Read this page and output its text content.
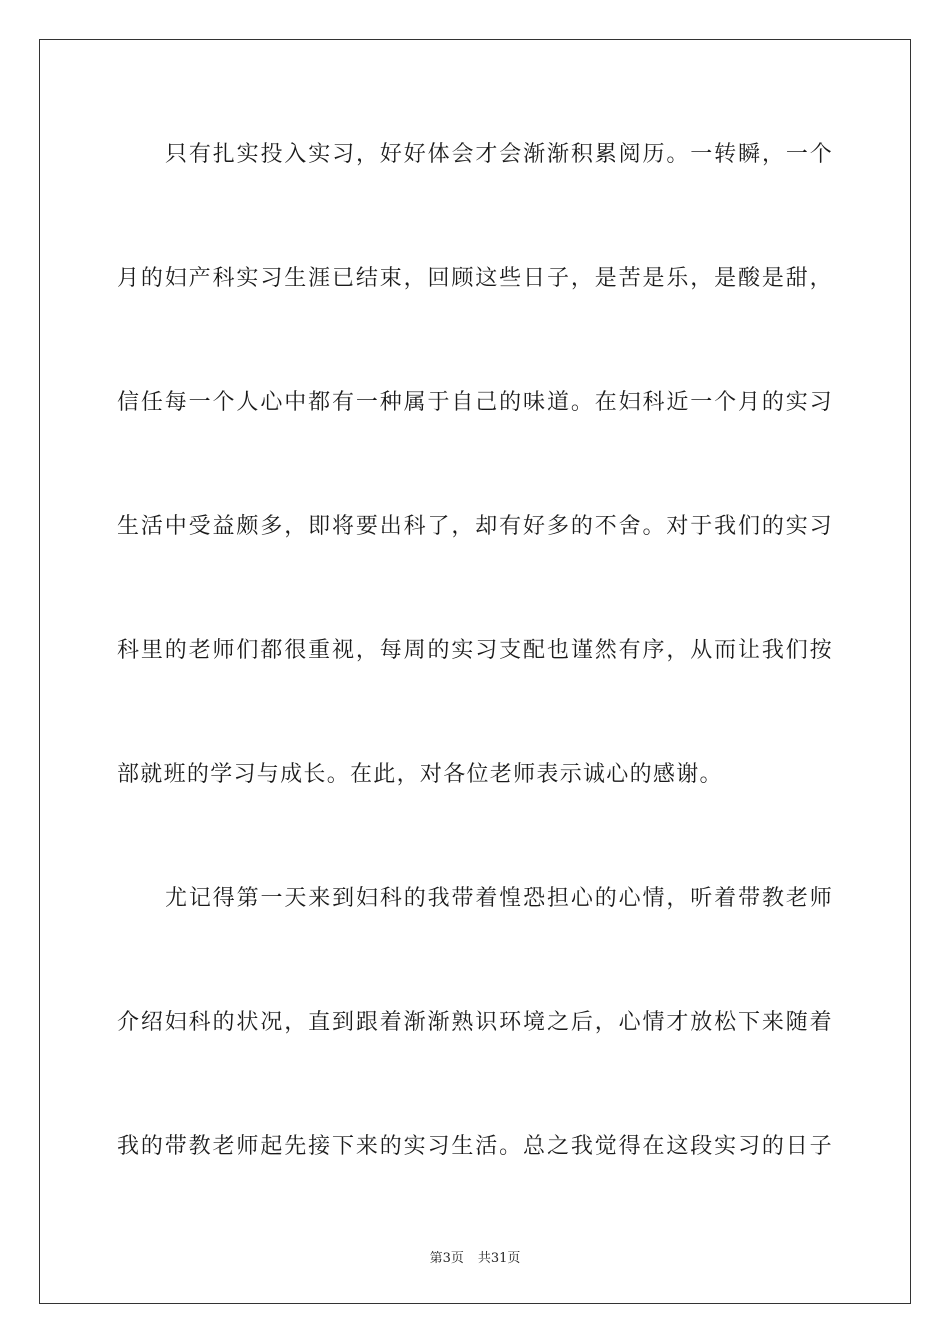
只有扎实投入实习，好好体会才会渐渐积累阅历。一转瞬，一个
月的妇产科实习生涯已结束，回顾这些日子，是苦是乐，是酸是甜，
信任每一个人心中都有一种属于自己的味道。在妇科近一个月的实习
生活中受益颇多，即将要出科了，却有好多的不舍。对于我们的实习
科里的老师们都很重视，每周的实习支配也谨然有序，从而让我们按
部就班的学习与成长。在此，对各位老师表示诚心的感谢。
尤记得第一天来到妇科的我带着惶恐担心的心情，听着带教老师
介绍妇科的状况，直到跟着渐渐熟识环境之后，心情才放松下来随着
我的带教老师起先接下来的实习生活。总之我觉得在这段实习的日子
第3页 共31页
